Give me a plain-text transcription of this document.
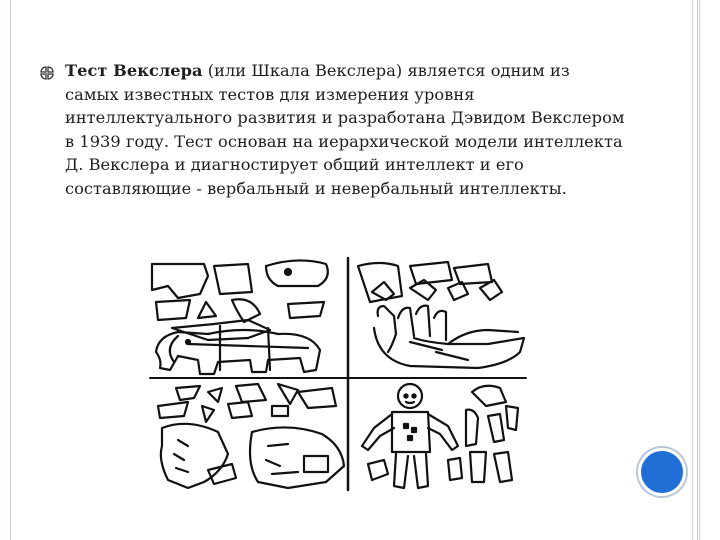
Тест Векслера (или Шкала Векслера) является одним из самых известных тестов для измерения уровня интеллектуального развития и разработана Дэвидом Векслером в 1939 году. Тест основан на иерархической модели интеллекта Д. Векслера и диагностирует общий интеллект и его составляющие - вербальный и невербальный интеллекты.
